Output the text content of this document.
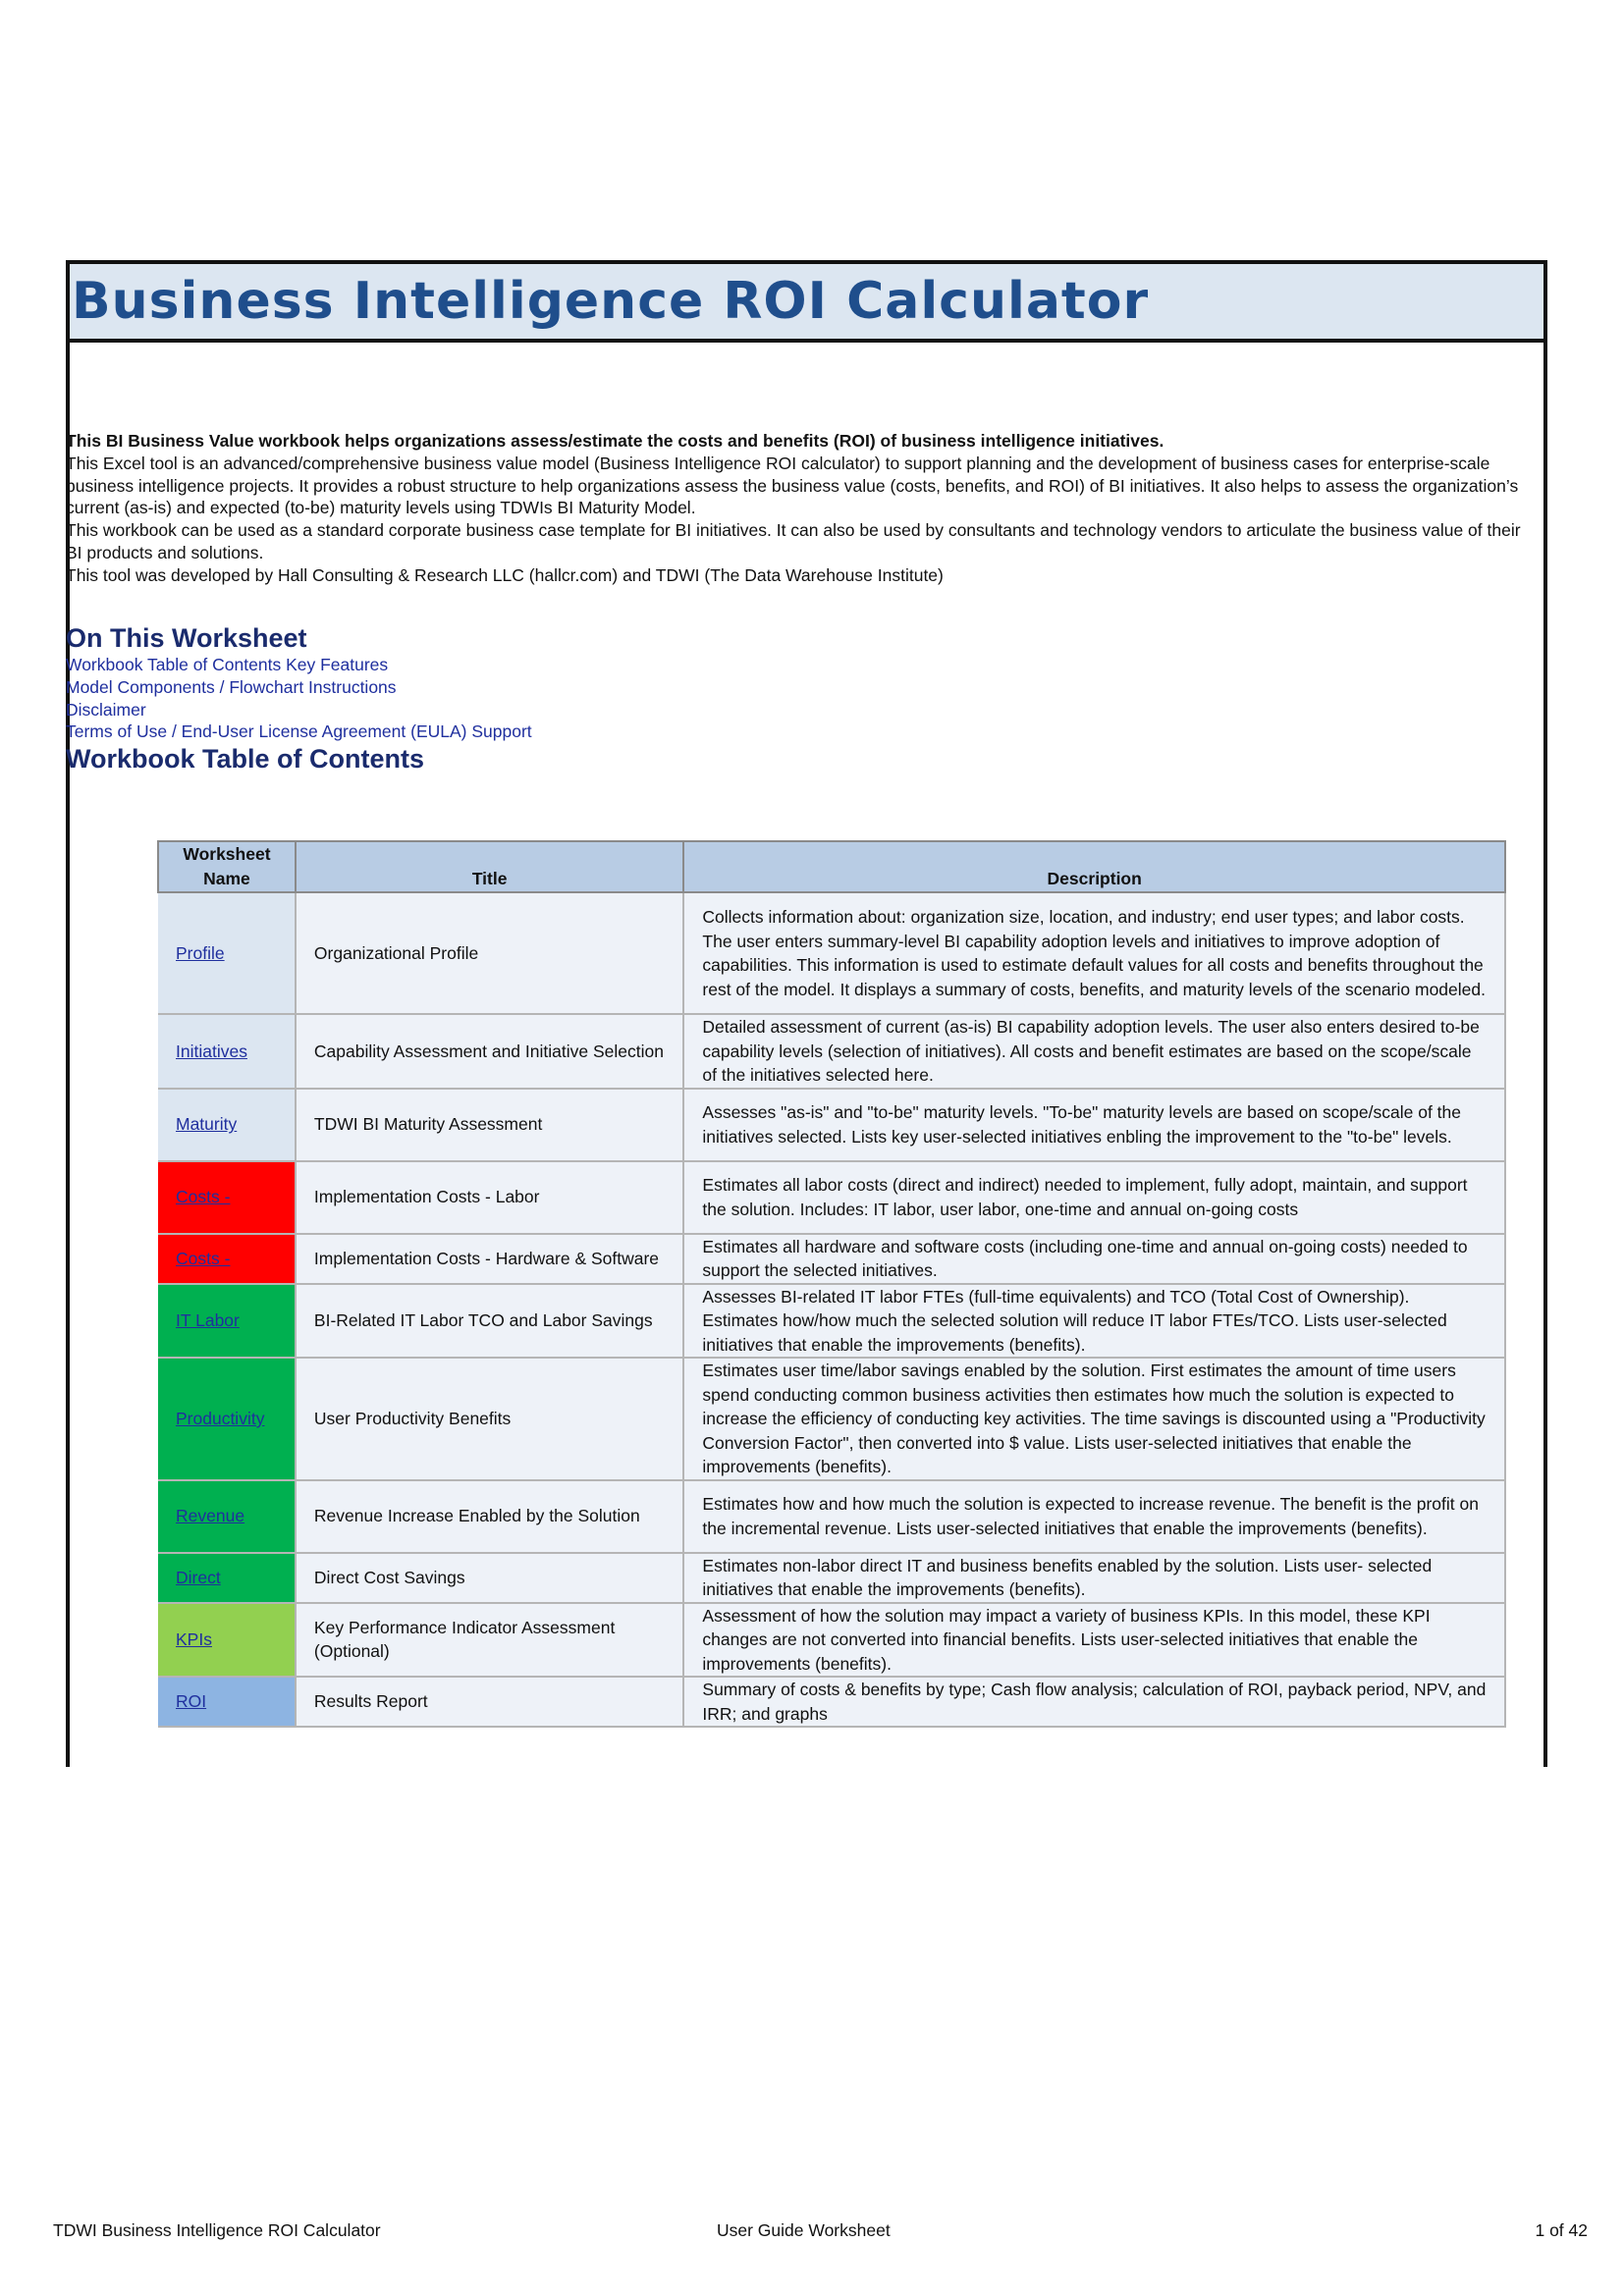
Business Intelligence ROI Calculator
This BI Business Value workbook helps organizations assess/estimate the costs and benefits (ROI) of business intelligence initiatives.
This Excel tool is an advanced/comprehensive business value model (Business Intelligence ROI calculator) to support planning and the development of business cases for enterprise-scale business intelligence projects. It provides a robust structure to help organizations assess the business value (costs, benefits, and ROI) of BI initiatives. It also helps to assess the organization’s current (as-is) and expected (to-be) maturity levels using TDWIs BI Maturity Model.
This workbook can be used as a standard corporate business case template for BI initiatives. It can also be used by consultants and technology vendors to articulate the business value of their BI products and solutions.
This tool was developed by Hall Consulting & Research LLC (hallcr.com) and TDWI (The Data Warehouse Institute)
On This Worksheet
Workbook Table of Contents Key Features
Model Components / Flowchart Instructions
Disclaimer
Terms of Use / End-User License Agreement (EULA) Support
Workbook Table of Contents
Worksheet Name	Title	Description
Profile	Organizational Profile	Collects information about: organization size, location, and industry; end user types; and labor costs. The user enters summary-level BI capability adoption levels and initiatives to improve adoption of capabilities. This information is used to estimate default values for all costs and benefits throughout the rest of the model. It displays a summary of costs, benefits, and maturity levels of the scenario modeled.
Initiatives	Capability Assessment and Initiative Selection	Detailed assessment of current (as-is) BI capability adoption levels. The user also enters desired to-be capability levels (selection of initiatives). All costs and benefit estimates are based on the scope/scale of the initiatives selected here.
Maturity	TDWI BI Maturity Assessment	Assesses "as-is" and "to-be" maturity levels. "To-be" maturity levels are based on scope/scale of the initiatives selected. Lists key user-selected initiatives enbling the improvement to the "to-be" levels.
Costs -	Implementation Costs - Labor	Estimates all labor costs (direct and indirect) needed to implement, fully adopt, maintain, and support the solution. Includes: IT labor, user labor, one-time and annual on-going costs
Costs -	Implementation Costs - Hardware & Software	Estimates all hardware and software costs (including one-time and annual on-going costs) needed to support the selected initiatives.
IT Labor	BI-Related IT Labor TCO and Labor Savings	Assesses BI-related IT labor FTEs (full-time equivalents) and TCO (Total Cost of Ownership). Estimates how/how much the selected solution will reduce IT labor FTEs/TCO. Lists user-selected initiatives that enable the improvements (benefits).
Productivity	User Productivity Benefits	Estimates user time/labor savings enabled by the solution. First estimates the amount of time users spend conducting common business activities then estimates how much the solution is expected to increase the efficiency of conducting key activities. The time savings is discounted using a "Productivity Conversion Factor", then converted into $ value. Lists user-selected initiatives that enable the improvements (benefits).
Revenue	Revenue Increase Enabled by the Solution	Estimates how and how much the solution is expected to increase revenue. The benefit is the profit on the incremental revenue. Lists user-selected initiatives that enable the improvements (benefits).
Direct	Direct Cost Savings	Estimates non-labor direct IT and business benefits enabled by the solution. Lists user- selected initiatives that enable the improvements (benefits).
KPIs	Key Performance Indicator Assessment (Optional)	Assessment of how the solution may impact a variety of business KPIs. In this model, these KPI changes are not converted into financial benefits. Lists user-selected initiatives that enable the improvements (benefits).
ROI	Results Report	Summary of costs & benefits by type; Cash flow analysis; calculation of ROI, payback period, NPV, and IRR; and graphs
TDWI Business Intelligence ROI Calculator	User Guide Worksheet	1 of 42
